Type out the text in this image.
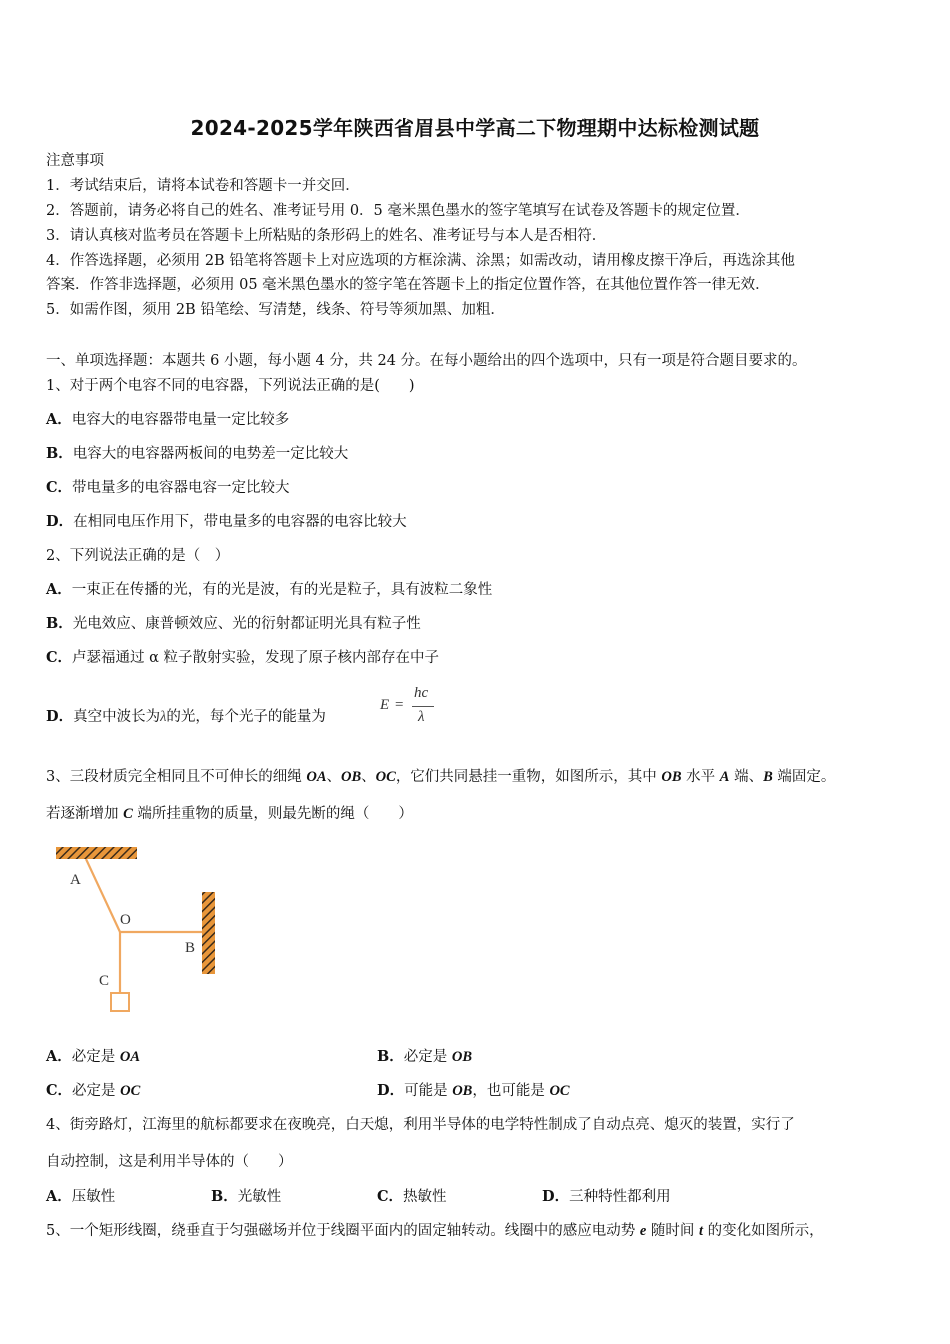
2024-2025学年陕西省眉县中学高二下物理期中达标检测试题
注意事项
1．考试结束后，请将本试卷和答题卡一并交回．
2．答题前，请务必将自己的姓名、准考证号用 0．5 毫米黑色墨水的签字笔填写在试卷及答题卡的规定位置．
3．请认真核对监考员在答题卡上所粘贴的条形码上的姓名、准考证号与本人是否相符．
4．作答选择题，必须用 2B 铅笔将答题卡上对应选项的方框涂满、涂黑；如需改动，请用橡皮擦干净后，再选涂其他
答案．作答非选择题，必须用 05 毫米黑色墨水的签字笔在答题卡上的指定位置作答，在其他位置作答一律无效．
5．如需作图，须用 2B 铅笔绘、写清楚，线条、符号等须加黑、加粗．
一、单项选择题：本题共 6 小题，每小题 4 分，共 24 分。在每小题给出的四个选项中，只有一项是符合题目要求的。
1、对于两个电容不同的电容器，下列说法正确的是(　　)
A．电容大的电容器带电量一定比较多
B．电容大的电容器两板间的电势差一定比较大
C．带电量多的电容器电容一定比较大
D．在相同电压作用下，带电量多的电容器的电容比较大
2、下列说法正确的是（　）
A．一束正在传播的光，有的光是波，有的光是粒子，具有波粒二象性
B．光电效应、康普顿效应、光的衍射都证明光具有粒子性
C．卢瑟福通过 α 粒子散射实验，发现了原子核内部存在中子
D．真空中波长为λ的光，每个光子的能量为
E =
hc
λ
3、三段材质完全相同且不可伸长的细绳 OA、OB、OC，它们共同悬挂一重物，如图所示，其中 OB 水平 A 端、B 端固定。
若逐渐增加 C 端所挂重物的质量，则最先断的绳（　　）
A
O
B
C
A．必定是 OA	B．必定是 OB
C．必定是 OC	D．可能是 OB，也可能是 OC
4、街旁路灯，江海里的航标都要求在夜晚亮，白天熄，利用半导体的电学特性制成了自动点亮、熄灭的装置，实行了
自动控制，这是利用半导体的（　　）
A．压敏性	B．光敏性	C．热敏性	D．三种特性都利用
5、一个矩形线圈，绕垂直于匀强磁场并位于线圈平面内的固定轴转动。线圈中的感应电动势 e 随时间 t 的变化如图所示，
